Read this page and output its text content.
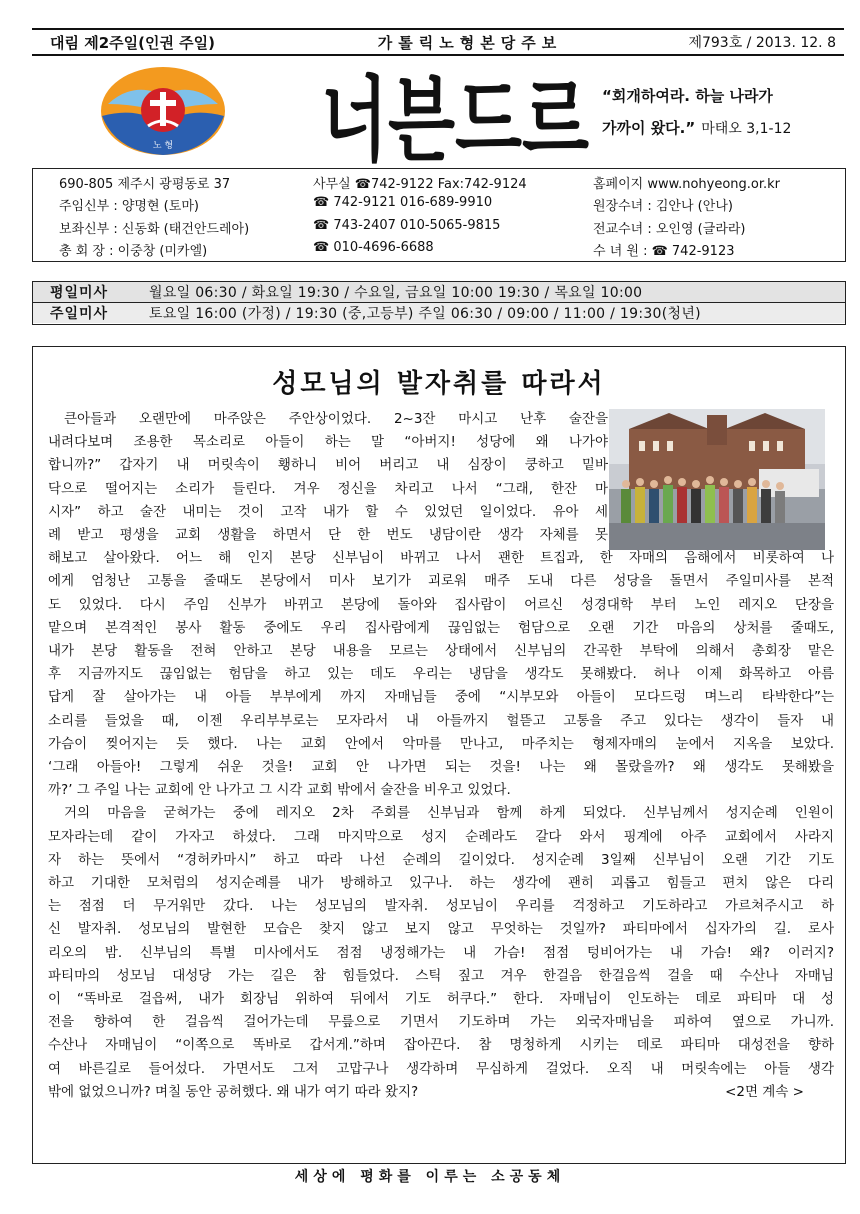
대림 제2주일(인권 주일)	가톨릭노형본당주보	제793호 / 2013. 12. 8
노 형 너븐드르 “회개하여라. 하늘 나라가
가까이 왔다.” 마태오 3,1-12
690-805 제주시 광평동로 37	사무실 ☎742-9122 Fax:742-9124	홈페이지 www.nohyeong.or.kr
주임신부 : 양명현 (토마)	☎ 742-9121 016-689-9910	원장수녀 : 김안나 (안나)
보좌신부 : 신동화 (태건안드레아)	☎ 743-2407 010-5065-9815	전교수녀 : 오인영 (글라라)
총 회 장 : 이중창 (미카엘)	☎ 010-4696-6688	수 녀 원 : ☎ 742-9123
평일미사	월요일 06:30 / 화요일 19:30 / 수요일, 금요일 10:00 19:30 / 목요일 10:00
주일미사	토요일 16:00 (가정) / 19:30 (중,고등부) 주일 06:30 / 09:00 / 11:00 / 19:30(청년)
성모님의 발자취를 따라서
큰아들과 오랜만에 마주앉은 주안상이었다. 2~3잔 마시고 난후 술잔을
내려다보며 조용한 목소리로 아들이 하는 말 “아버지! 성당에 왜 나가야
합니까?” 갑자기 내 머릿속이 횅하니 비어 버리고 내 심장이 쿵하고 밑바
닥으로 떨어지는 소리가 들린다. 겨우 정신을 차리고 나서 “그래, 한잔 마
시자” 하고 술잔 내미는 것이 고작 내가 할 수 있었던 일이었다. 유아 세
례 받고 평생을 교회 생활을 하면서 단 한 번도 냉담이란 생각 자체를 못
해보고 살아왔다. 어느 해 인지 본당 신부님이 바뀌고 나서 괜한 트집과, 한 자매의 음해에서 비롯하여 나
에게 엄청난 고통을 줄때도 본당에서 미사 보기가 괴로워 매주 도내 다른 성당을 돌면서 주일미사를 본적
도 있었다. 다시 주임 신부가 바뀌고 본당에 돌아와 집사람이 어르신 성경대학 부터 노인 레지오 단장을
맡으며 본격적인 봉사 활동 중에도 우리 집사람에게 끊임없는 험담으로 오랜 기간 마음의 상처를 줄때도,
내가 본당 활동을 전혀 안하고 본당 내용을 모르는 상태에서 신부님의 간곡한 부탁에 의해서 총회장 맡은
후 지금까지도 끊임없는 험담을 하고 있는 데도 우리는 냉담을 생각도 못해봤다. 허나 이제 화목하고 아름
답게 잘 살아가는 내 아들 부부에게 까지 자매님들 중에 “시부모와 아들이 모다드렁 며느리 타박한다”는
소리를 들었을 때, 이젠 우리부부로는 모자라서 내 아들까지 헐뜯고 고통을 주고 있다는 생각이 들자 내
가슴이 찢어지는 듯 했다. 나는 교회 안에서 악마를 만나고, 마주치는 형제자매의 눈에서 지옥을 보았다.
‘그래 아들아! 그렇게 쉬운 것을! 교회 안 나가면 되는 것을! 나는 왜 몰랐을까? 왜 생각도 못해봤을
까?’ 그 주일 나는 교회에 안 나가고 그 시각 교회 밖에서 술잔을 비우고 있었다.
거의 마음을 굳혀가는 중에 레지오 2차 주회를 신부님과 함께 하게 되었다. 신부님께서 성지순례 인원이
모자라는데 같이 가자고 하셨다. 그래 마지막으로 성지 순례라도 갈다 와서 핑계에 아주 교회에서 사라지
자 하는 뜻에서 “경허카마시” 하고 따라 나선 순례의 길이었다. 성지순례 3일째 신부님이 오랜 기간 기도
하고 기대한 모처럼의 성지순례를 내가 방해하고 있구나. 하는 생각에 괜히 괴롭고 힘들고 편치 않은 다리
는 점점 더 무거워만 갔다. 나는 성모님의 발자취. 성모님이 우리를 걱정하고 기도하라고 가르쳐주시고 하
신 발자취. 성모님의 발현한 모습은 찾지 않고 보지 않고 무엇하는 것일까? 파티마에서 십자가의 길. 로사
리오의 밤. 신부님의 특별 미사에서도 점점 냉정해가는 내 가슴! 점점 텅비어가는 내 가슴! 왜? 이러지?
파티마의 성모님 대성당 가는 길은 참 힘들었다. 스틱 짚고 겨우 한걸음 한걸음씩 걸을 때 수산나 자매님
이 “똑바로 걸읍써, 내가 회장님 위하여 뒤에서 기도 허쿠다.” 한다. 자매님이 인도하는 데로 파티마 대 성
전을 향하여 한 걸음씩 걸어가는데 무릎으로 기면서 기도하며 가는 외국자매님을 피하여 옆으로 가니까.
수산나 자매님이 “이쪽으로 똑바로 갑서게.”하며 잡아끈다. 참 명청하게 시키는 데로 파티마 대성전을 향하
여 바른길로 들어섰다. 가면서도 그저 고맙구나 생각하며 무심하게 걸었다. 오직 내 머릿속에는 아들 생각
밖에 없었으니까? 며칠 동안 공허했다. 왜 내가 여기 따라 왔지?	<2면 계속 >
세상에 평화를 이루는 소공동체
